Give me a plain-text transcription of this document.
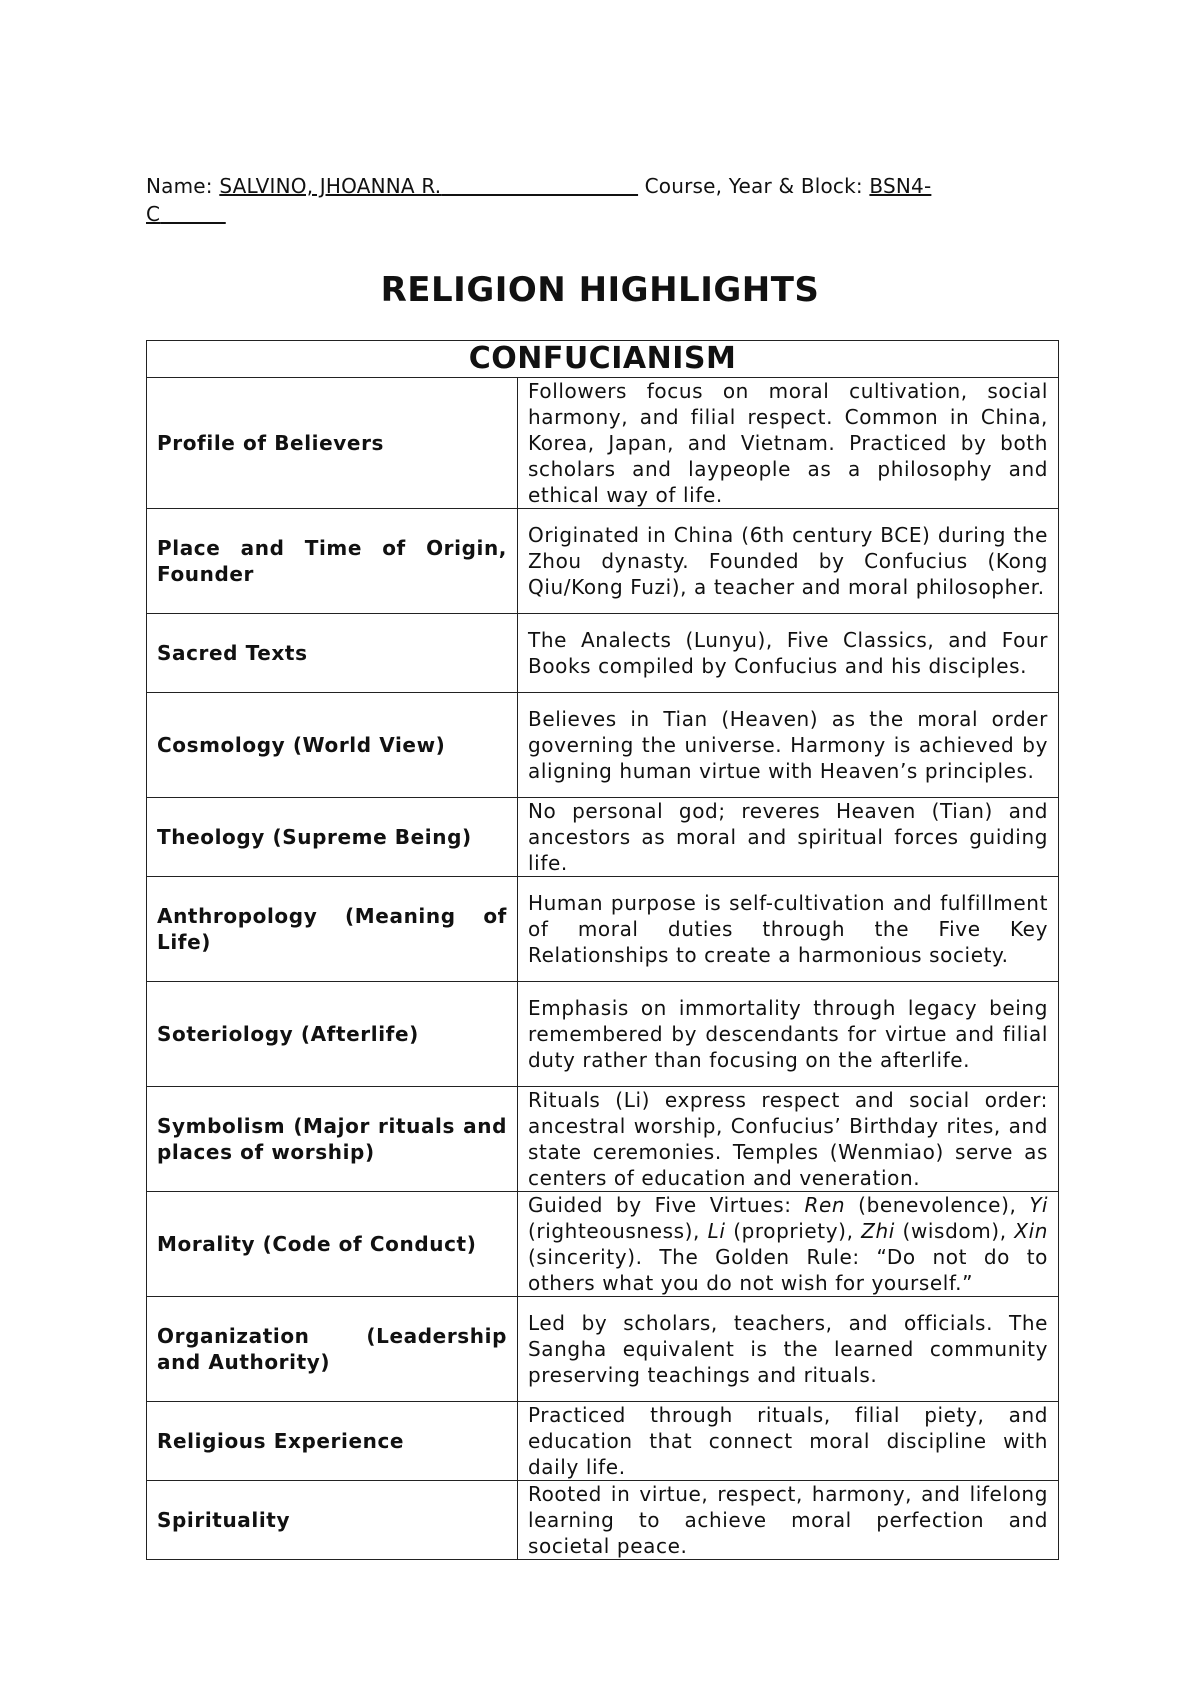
Name: SALVINO, JHOANNA R.	Course, Year & Block: BSN4-
C
RELIGION HIGHLIGHTS
CONFUCIANISM	
Profile of Believers	Followers focus on moral cultivation, social harmony, and filial respect. Common in China, Korea, Japan, and Vietnam. Practiced by both scholars and laypeople as a philosophy and ethical way of life.
Place and Time of Origin, Founder	Originated in China (6th century BCE) during the Zhou dynasty. Founded by Confucius (Kong Qiu/Kong Fuzi), a teacher and moral philosopher.
Sacred Texts	The Analects (Lunyu), Five Classics, and Four Books compiled by Confucius and his disciples.
Cosmology (World View)	Believes in Tian (Heaven) as the moral order governing the universe. Harmony is achieved by aligning human virtue with Heaven’s principles.
Theology (Supreme Being)	No personal god; reveres Heaven (Tian) and ancestors as moral and spiritual forces guiding life.
Anthropology (Meaning of Life)	Human purpose is self-cultivation and fulfillment of moral duties through the Five Key Relationships to create a harmonious society.
Soteriology (Afterlife)	Emphasis on immortality through legacy being remembered by descendants for virtue and filial duty rather than focusing on the afterlife.
Symbolism (Major rituals and places of worship)	Rituals (Li) express respect and social order: ancestral worship, Confucius’ Birthday rites, and state ceremonies. Temples (Wenmiao) serve as centers of education and veneration.
Morality (Code of Conduct)	Guided by Five Virtues: Ren (benevolence), Yi (righteousness), Li (propriety), Zhi (wisdom), Xin (sincerity). The Golden Rule: “Do not do to others what you do not wish for yourself.”
Organization (Leadership and Authority)	Led by scholars, teachers, and officials. The Sangha equivalent is the learned community preserving teachings and rituals.
Religious Experience	Practiced through rituals, filial piety, and education that connect moral discipline with daily life.
Spirituality	Rooted in virtue, respect, harmony, and lifelong learning to achieve moral perfection and societal peace.
